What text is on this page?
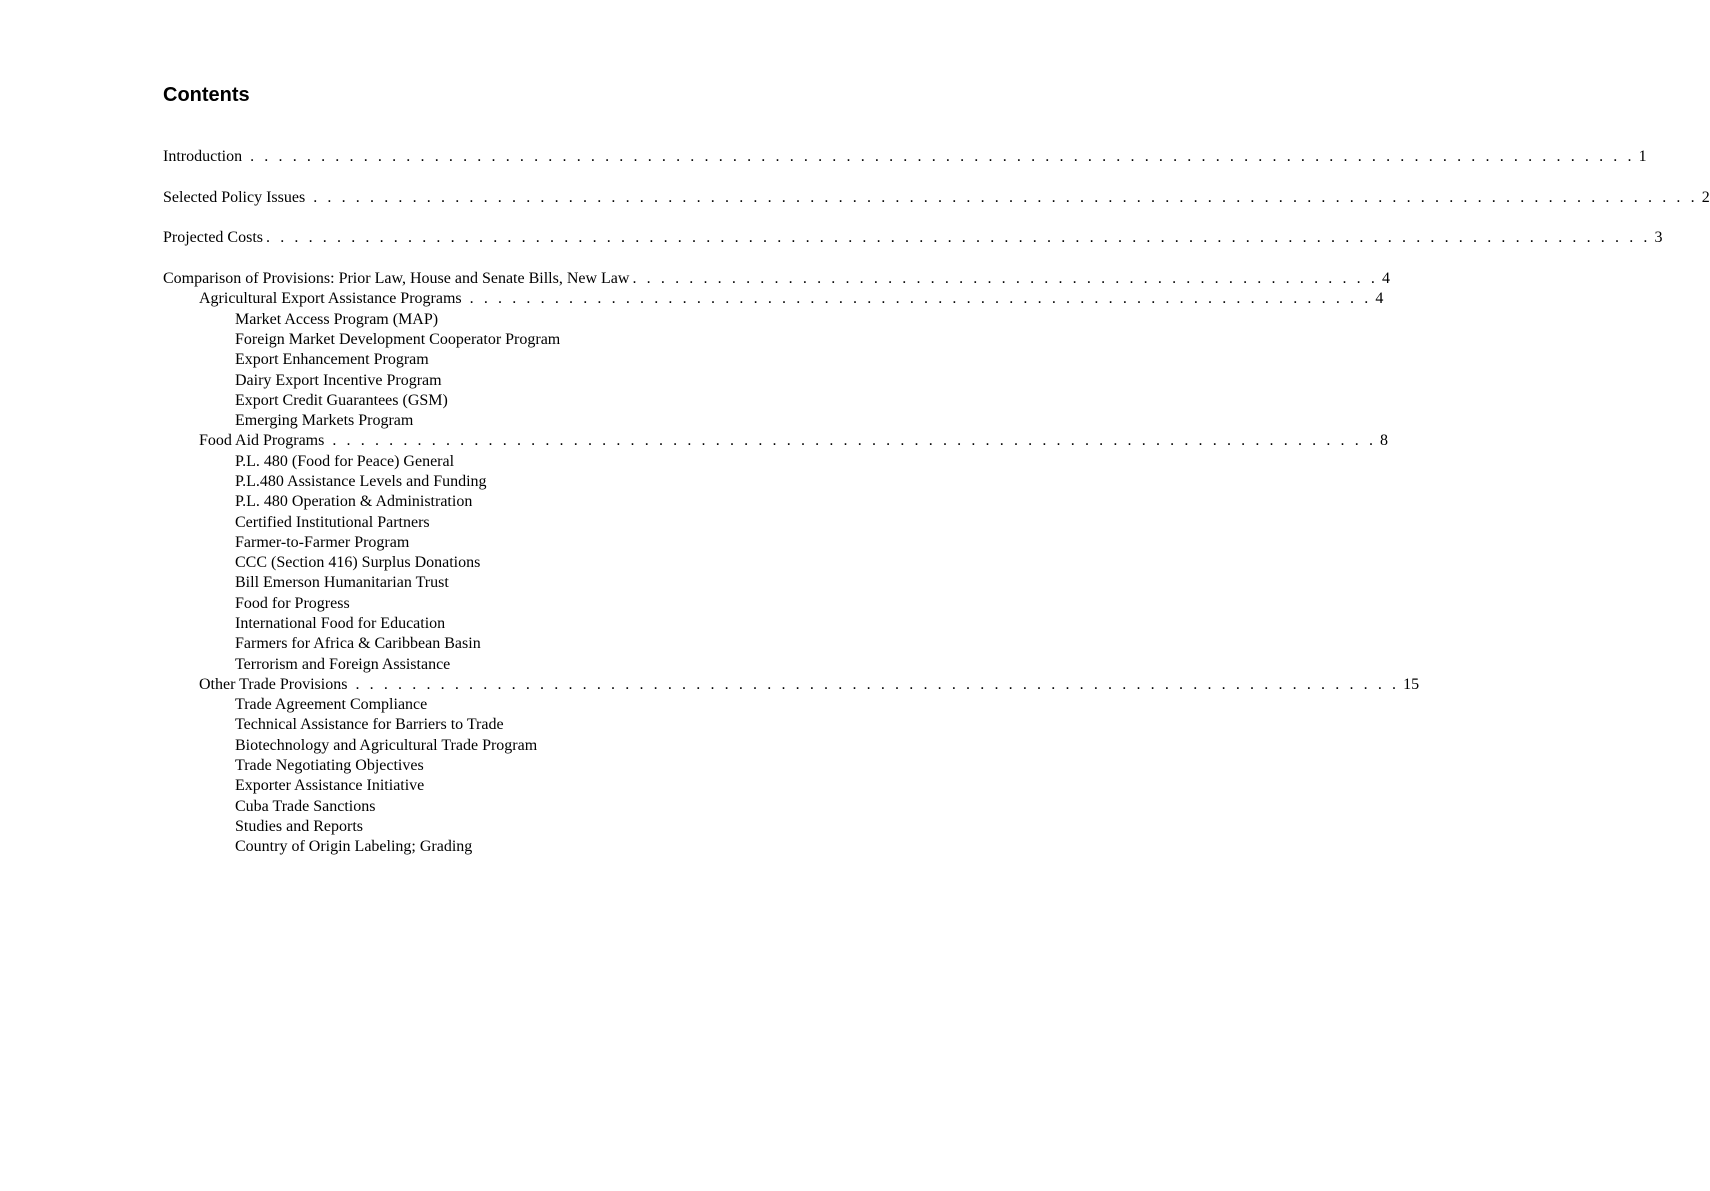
Contents
Introduction . . . . . . . . . . . . . . . . . . . . . . . . . . . . . . . . . . . . . . . . . . . . . . . . . . . . . . . . . . . . . . . . . . . . . . . . . . . . . . . . . . . . . . . . . . . . . . . . . . 1
Selected Policy Issues . . . . . . . . . . . . . . . . . . . . . . . . . . . . . . . . . . . . . . . . . . . . . . . . . . . . . . . . . . . . . . . . . . . . . . . . . . . . . . . . . . . . . . . . . . . . . . . . . . 2
Projected Costs . . . . . . . . . . . . . . . . . . . . . . . . . . . . . . . . . . . . . . . . . . . . . . . . . . . . . . . . . . . . . . . . . . . . . . . . . . . . . . . . . . . . . . . . . . . . . . . . . . 3
Comparison of Provisions: Prior Law, House and Senate Bills, New Law . . . . . . . . . . . . . . . . . . . . . . . . . . . . . . . . . . . . . . . . . . . . . . . . . . . . . 4
Agricultural Export Assistance Programs . . . . . . . . . . . . . . . . . . . . . . . . . . . . . . . . . . . . . . . . . . . . . . . . . . . . . . . . . . . . . . . . 4
Market Access Program (MAP)
Foreign Market Development Cooperator Program
Export Enhancement Program
Dairy Export Incentive Program
Export Credit Guarantees (GSM)
Emerging Markets Program
Food Aid Programs . . . . . . . . . . . . . . . . . . . . . . . . . . . . . . . . . . . . . . . . . . . . . . . . . . . . . . . . . . . . . . . . . . . . . . . . . . 8
P.L. 480 (Food for Peace) General
P.L.480 Assistance Levels and Funding
P.L. 480 Operation & Administration
Certified Institutional Partners
Farmer-to-Farmer Program
CCC (Section 416) Surplus Donations
Bill Emerson Humanitarian Trust
Food for Progress
International Food for Education
Farmers for Africa & Caribbean Basin
Terrorism and Foreign Assistance
Other Trade Provisions . . . . . . . . . . . . . . . . . . . . . . . . . . . . . . . . . . . . . . . . . . . . . . . . . . . . . . . . . . . . . . . . . . . . . . . . . . 15
Trade Agreement Compliance
Technical Assistance for Barriers to Trade
Biotechnology and Agricultural Trade Program
Trade Negotiating Objectives
Exporter Assistance Initiative
Cuba Trade Sanctions
Studies and Reports
Country of Origin Labeling; Grading
